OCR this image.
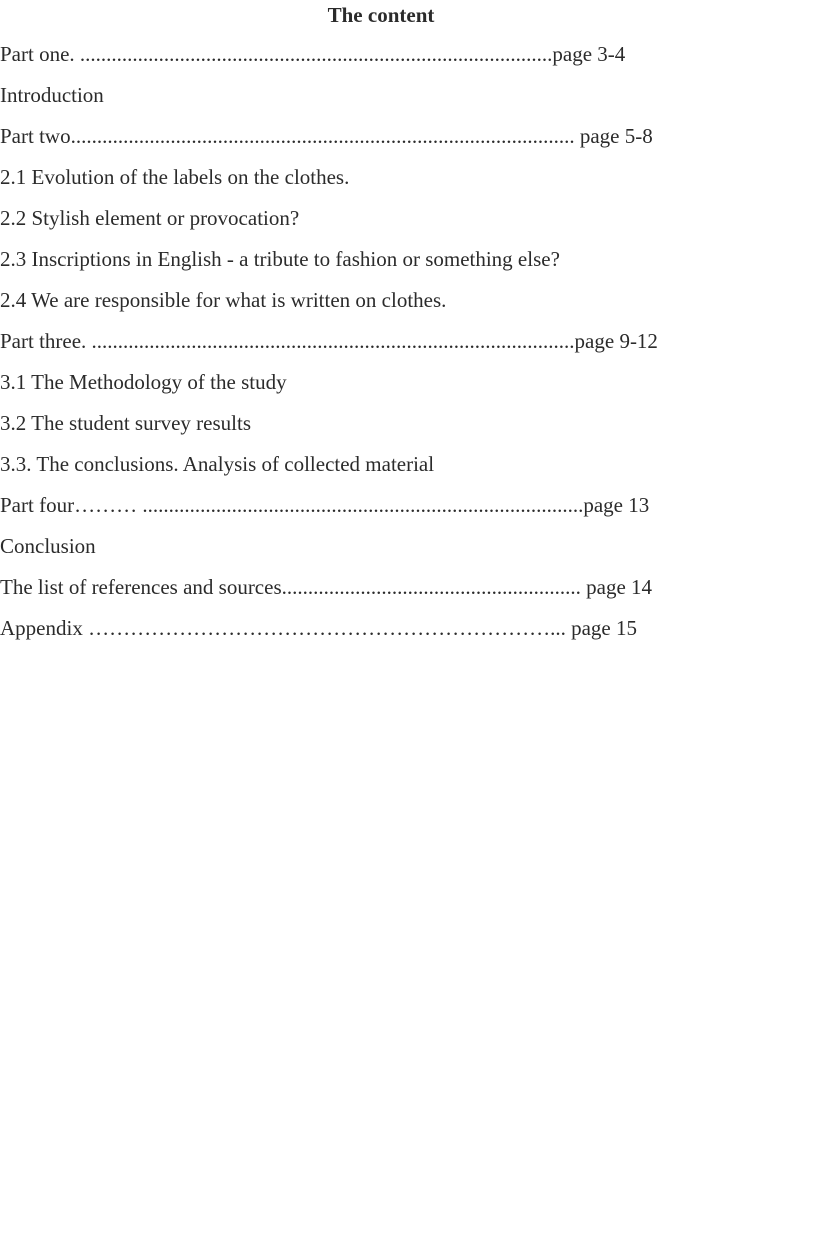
The content
Part one. ..........................................................................................page 3-4
Introduction
Part two................................................................................................ page 5-8
2.1 Evolution of the labels on the clothes.
2.2 Stylish element or provocation?
2.3 Inscriptions in English - a tribute to fashion or something else?
2.4 We are responsible for what is written on clothes.
Part three. ............................................................................................page 9-12
3.1 The Methodology of the study
3.2 The student survey results
3.3. The conclusions. Analysis of collected material
Part four……… ....................................................................................page 13
Conclusion
The list of references and sources......................................................... page 14
Appendix …………………………………………………………... page 15
